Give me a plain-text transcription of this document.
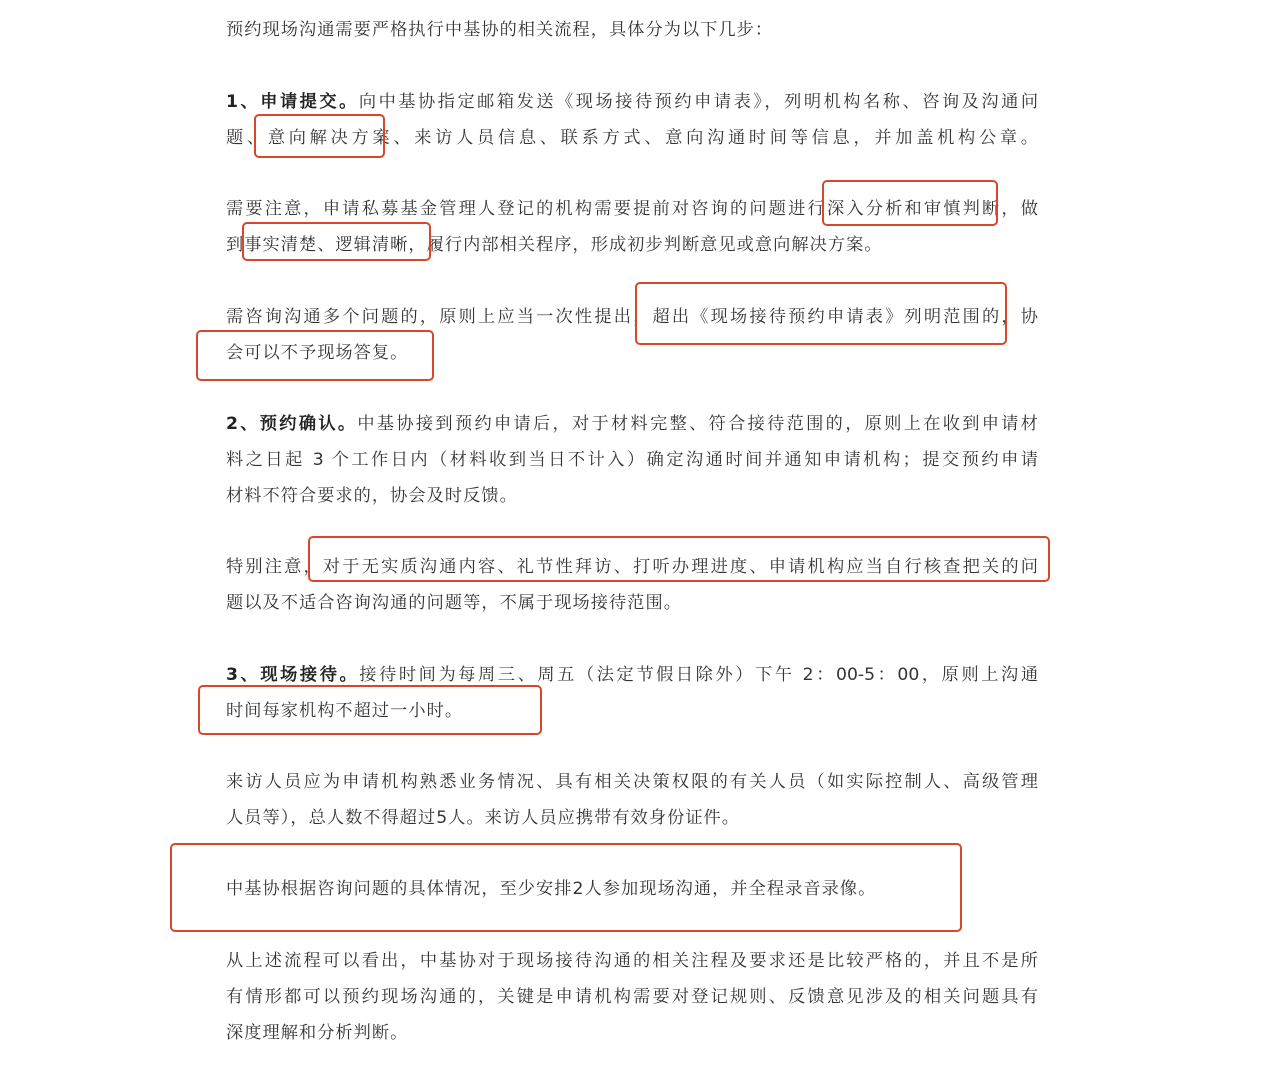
预约现场沟通需要严格执行中基协的相关流程，具体分为以下几步：
1、申请提交。向中基协指定邮箱发送《现场接待预约申请表》，列明机构名称、咨询及沟通问
题、意向解决方案、来访人员信息、联系方式、意向沟通时间等信息，并加盖机构公章。
需要注意，申请私募基金管理人登记的机构需要提前对咨询的问题进行深入分析和审慎判断，做
到事实清楚、逻辑清晰，履行内部相关程序，形成初步判断意见或意向解决方案。
需咨询沟通多个问题的，原则上应当一次性提出，超出《现场接待预约申请表》列明范围的，协
会可以不予现场答复。
2、预约确认。中基协接到预约申请后，对于材料完整、符合接待范围的，原则上在收到申请材
料之日起 3 个工作日内（材料收到当日不计入）确定沟通时间并通知申请机构；提交预约申请
材料不符合要求的，协会及时反馈。
特别注意，对于无实质沟通内容、礼节性拜访、打听办理进度、申请机构应当自行核查把关的问
题以及不适合咨询沟通的问题等，不属于现场接待范围。
3、现场接待。接待时间为每周三、周五（法定节假日除外）下午 2：00-5：00，原则上沟通
时间每家机构不超过一小时。
来访人员应为申请机构熟悉业务情况、具有相关决策权限的有关人员（如实际控制人、高级管理
人员等），总人数不得超过5人。来访人员应携带有效身份证件。
中基协根据咨询问题的具体情况，至少安排2人参加现场沟通，并全程录音录像。
从上述流程可以看出，中基协对于现场接待沟通的相关注程及要求还是比较严格的，并且不是所
有情形都可以预约现场沟通的，关键是申请机构需要对登记规则、反馈意见涉及的相关问题具有
深度理解和分析判断。
